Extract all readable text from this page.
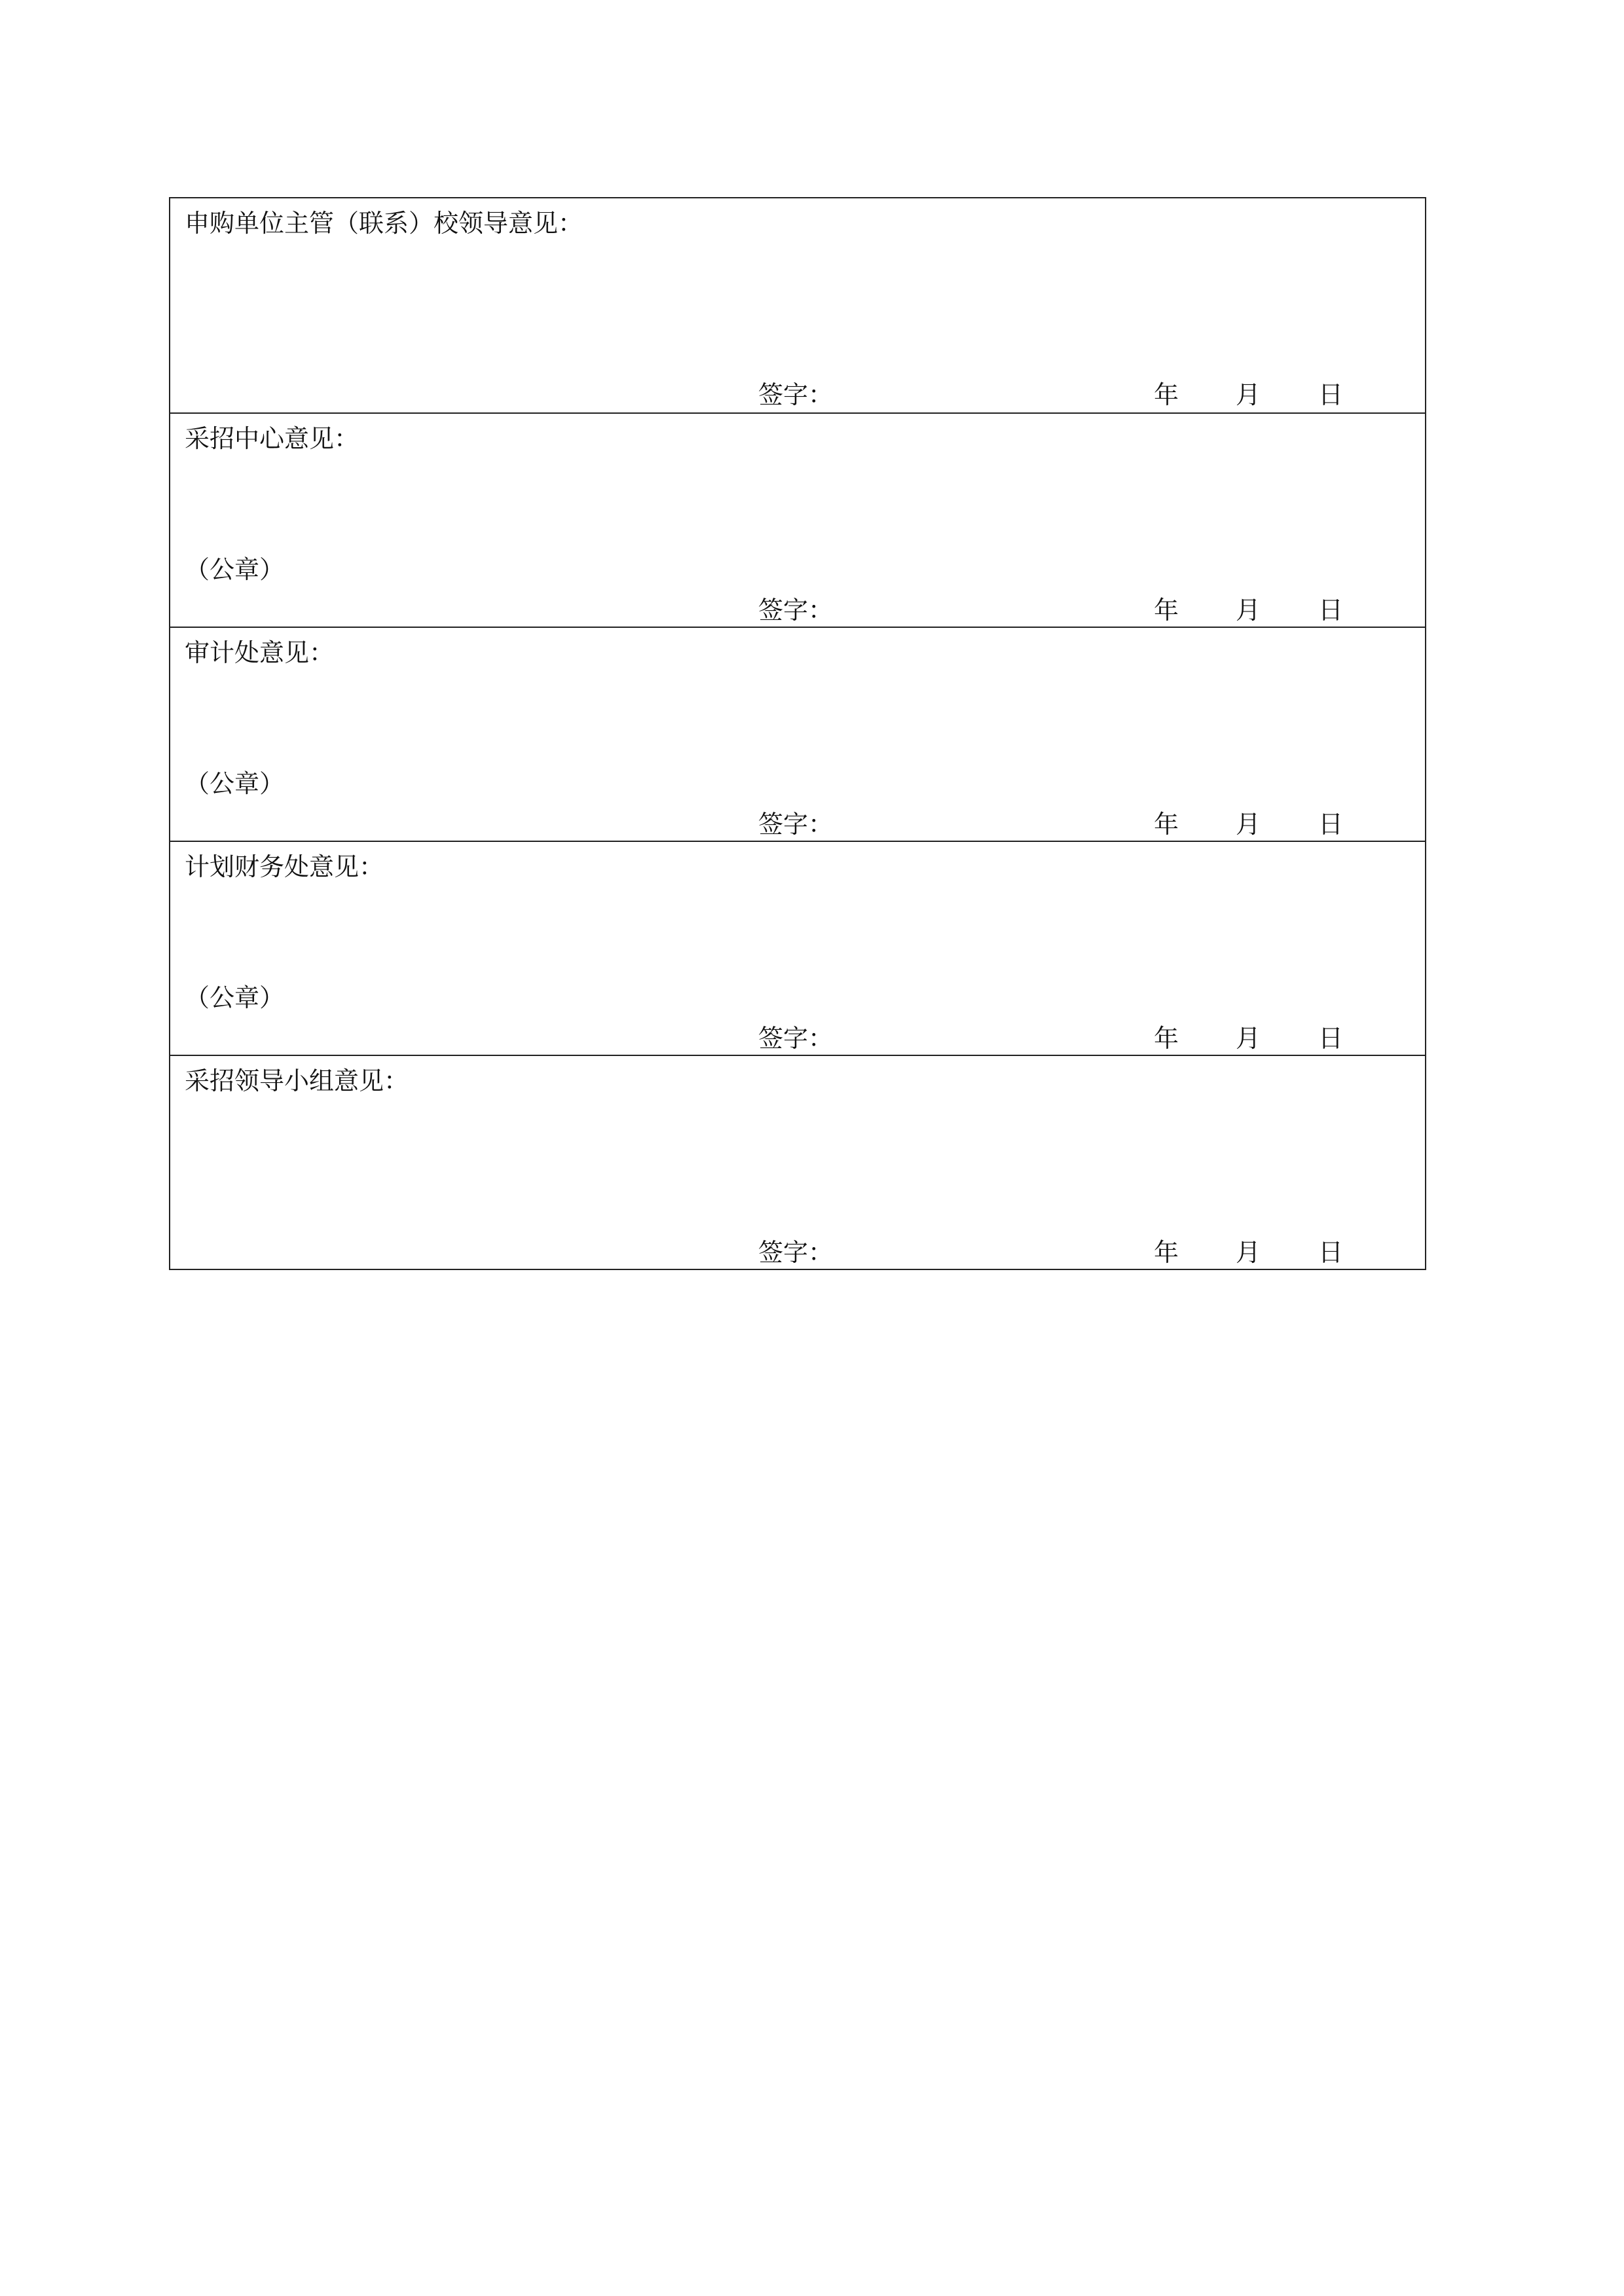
申购单位主管（联系）校领导意见：
签字：	年 月 日
采招中心意见：
（公章）
签字：	年 月 日
审计处意见：
（公章）
签字：	年 月 日
计划财务处意见：
（公章）
签字：	年 月 日
采招领导小组意见：
签字：	年 月 日
